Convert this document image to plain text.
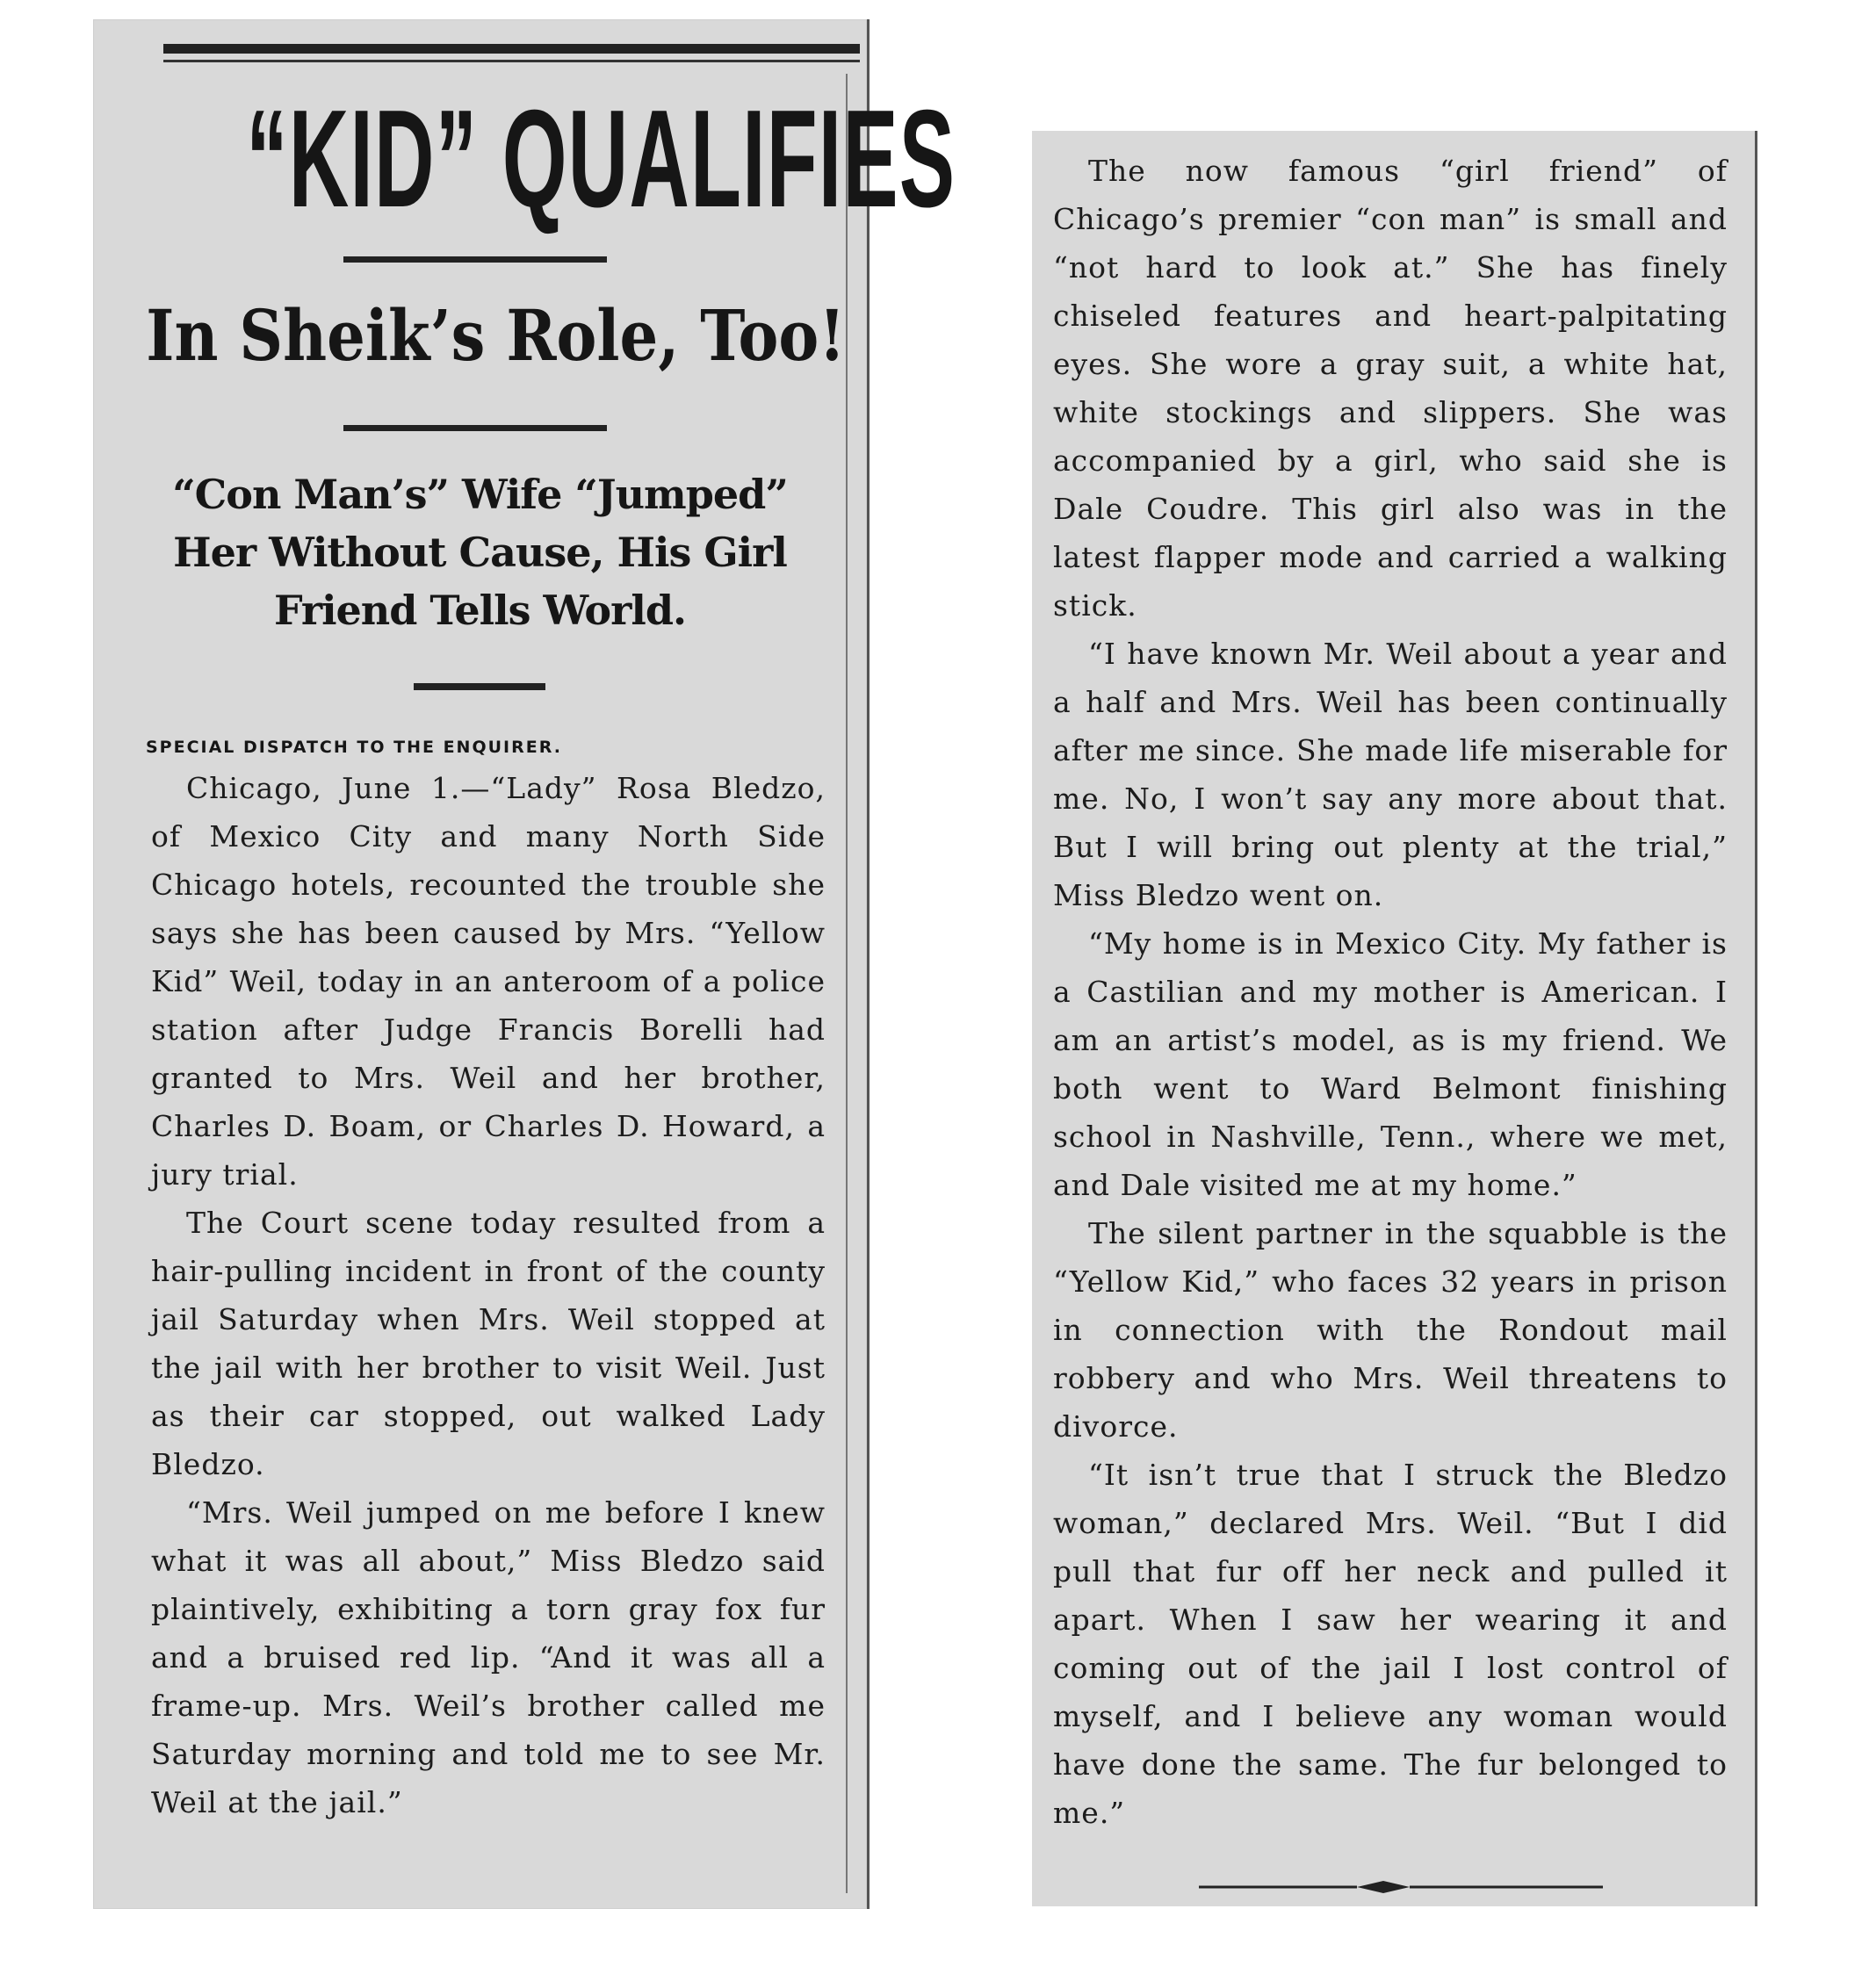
“KID” QUALIFIES
In Sheik’s Role, Too!
“Con Man’s” Wife “Jumped” Her Without Cause, His Girl Friend Tells World.
SPECIAL DISPATCH TO THE ENQUIRER.

Chicago, June 1.—“Lady” Rosa Bledzo, of Mexico City and many North Side Chicago hotels, recounted the trouble she says she has been caused by Mrs. “Yellow Kid” Weil, today in an anteroom of a police station after Judge Francis Borelli had granted to Mrs. Weil and her brother, Charles D. Boam, or Charles D. Howard, a jury trial.

The Court scene today resulted from a hair-pulling incident in front of the county jail Saturday when Mrs. Weil stopped at the jail with her brother to visit Weil. Just as their car stopped, out walked Lady Bledzo.

“Mrs. Weil jumped on me before I knew what it was all about,” Miss Bledzo said plaintively, exhibiting a torn gray fox fur and a bruised red lip. “And it was all a frame-up. Mrs. Weil’s brother called me Saturday morning and told me to see Mr. Weil at the jail.”

The now famous “girl friend” of Chicago’s premier “con man” is small and “not hard to look at.” She has finely chiseled features and heart-palpitating eyes. She wore a gray suit, a white hat, white stockings and slippers. She was accompanied by a girl, who said she is Dale Coudre. This girl also was in the latest flapper mode and carried a walking stick.

“I have known Mr. Weil about a year and a half and Mrs. Weil has been continually after me since. She made life miserable for me. No, I won’t say any more about that. But I will bring out plenty at the trial,” Miss Bledzo went on.

“My home is in Mexico City. My father is a Castilian and my mother is American. I am an artist’s model, as is my friend. We both went to Ward Belmont finishing school in Nashville, Tenn., where we met, and Dale visited me at my home.”

The silent partner in the squabble is the “Yellow Kid,” who faces 32 years in prison in connection with the Rondout mail robbery and who Mrs. Weil threatens to divorce.

“It isn’t true that I struck the Bledzo woman,” declared Mrs. Weil. “But I did pull that fur off her neck and pulled it apart. When I saw her wearing it and coming out of the jail I lost control of myself, and I believe any woman would have done the same. The fur belonged to me.”
